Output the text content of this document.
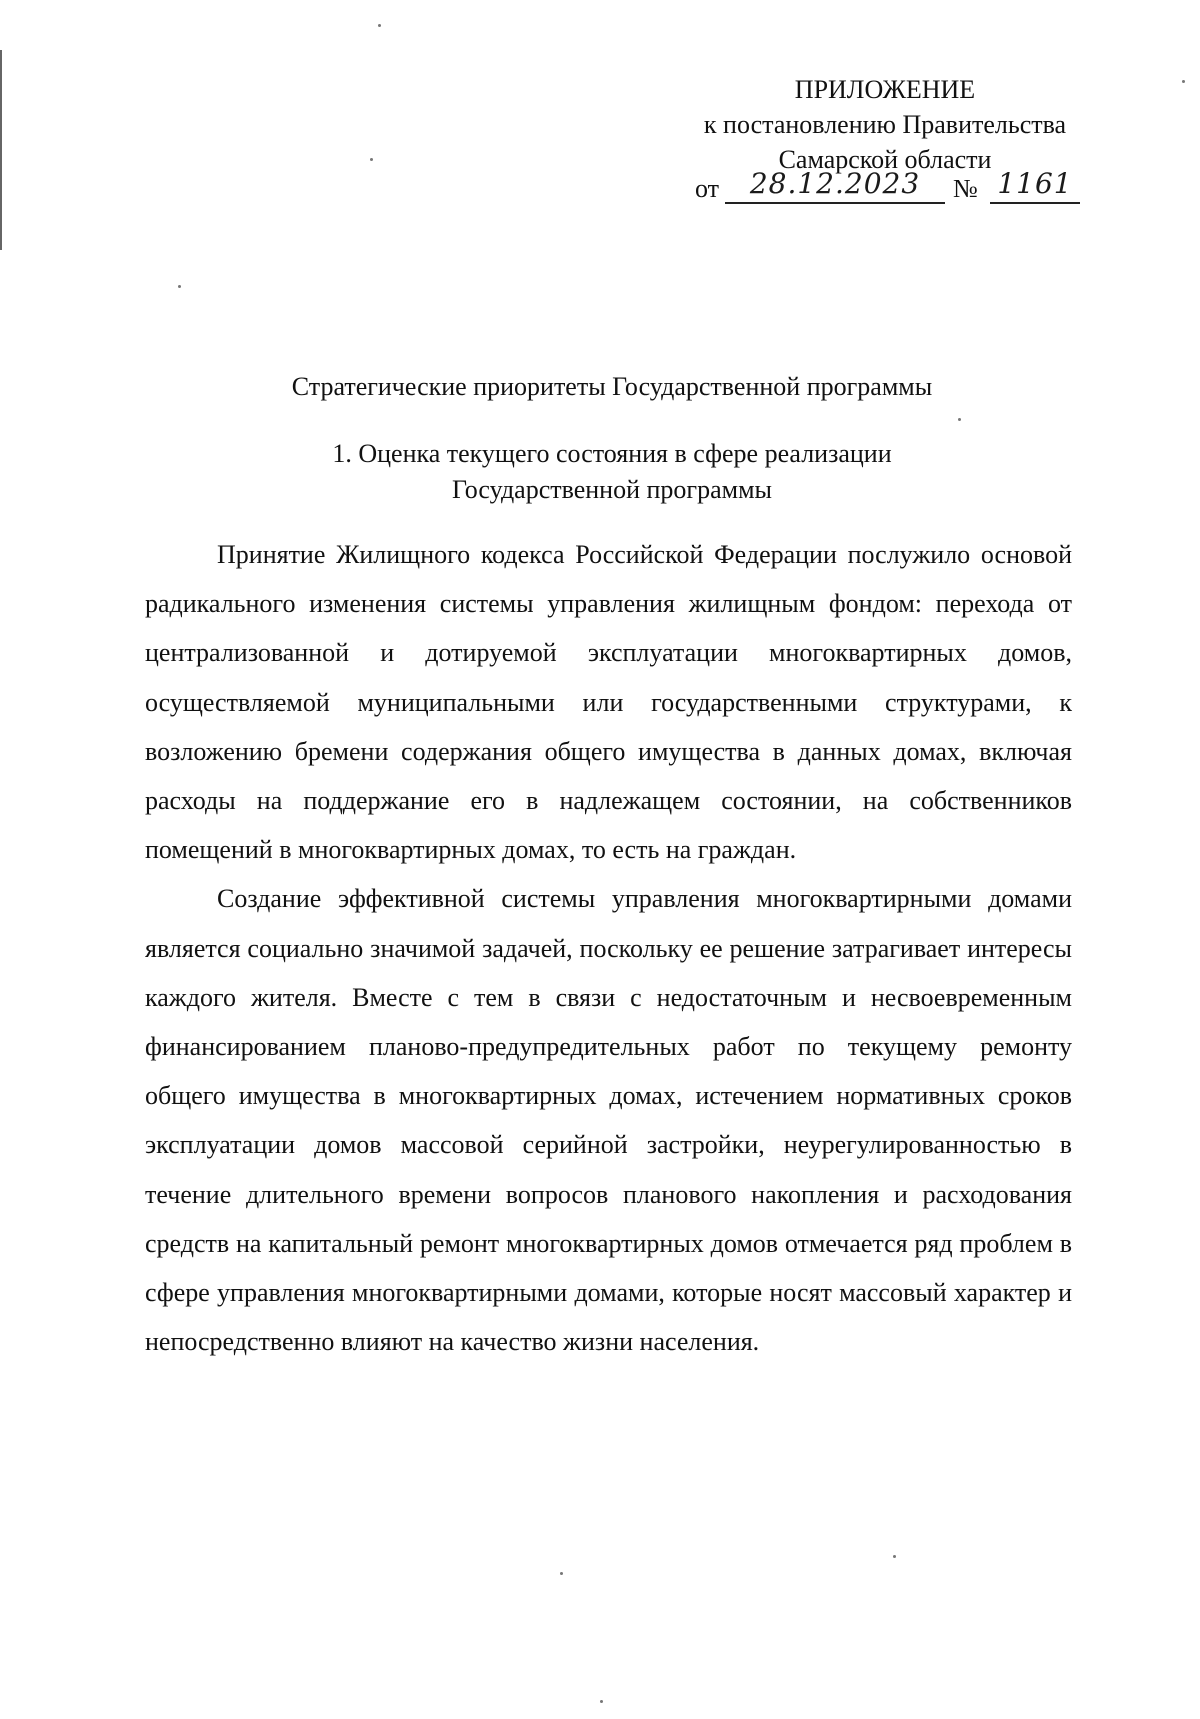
ПРИЛОЖЕНИЕ
к постановлению Правительства
Самарской области
от	28.12.2023	№ 1161
Стратегические приоритеты Государственной программы
1. Оценка текущего состояния в сфере реализации
Государственной программы

Принятие Жилищного кодекса Российской Федерации послужило основой радикального изменения системы управления жилищным фондом: перехода от централизованной и дотируемой эксплуатации многоквартирных домов, осуществляемой муниципальными или государственными структурами, к возложению бремени содержания общего имущества в данных домах, включая расходы на поддержание его в надлежащем состоянии, на собственников помещений в многоквартирных домах, то есть на граждан.

Создание эффективной системы управления многоквартирными домами является социально значимой задачей, поскольку ее решение затрагивает интересы каждого жителя. Вместе с тем в связи с недостаточным и несвоевременным финансированием планово-предупредительных работ по текущему ремонту общего имущества в многоквартирных домах, истечением нормативных сроков эксплуатации домов массовой серийной застройки, неурегулированностью в течение длительного времени вопросов планового накопления и расходования средств на капитальный ремонт многоквартирных домов отмечается ряд проблем в сфере управления многоквартирными домами, которые носят массовый характер и непосредственно влияют на качество жизни населения.
